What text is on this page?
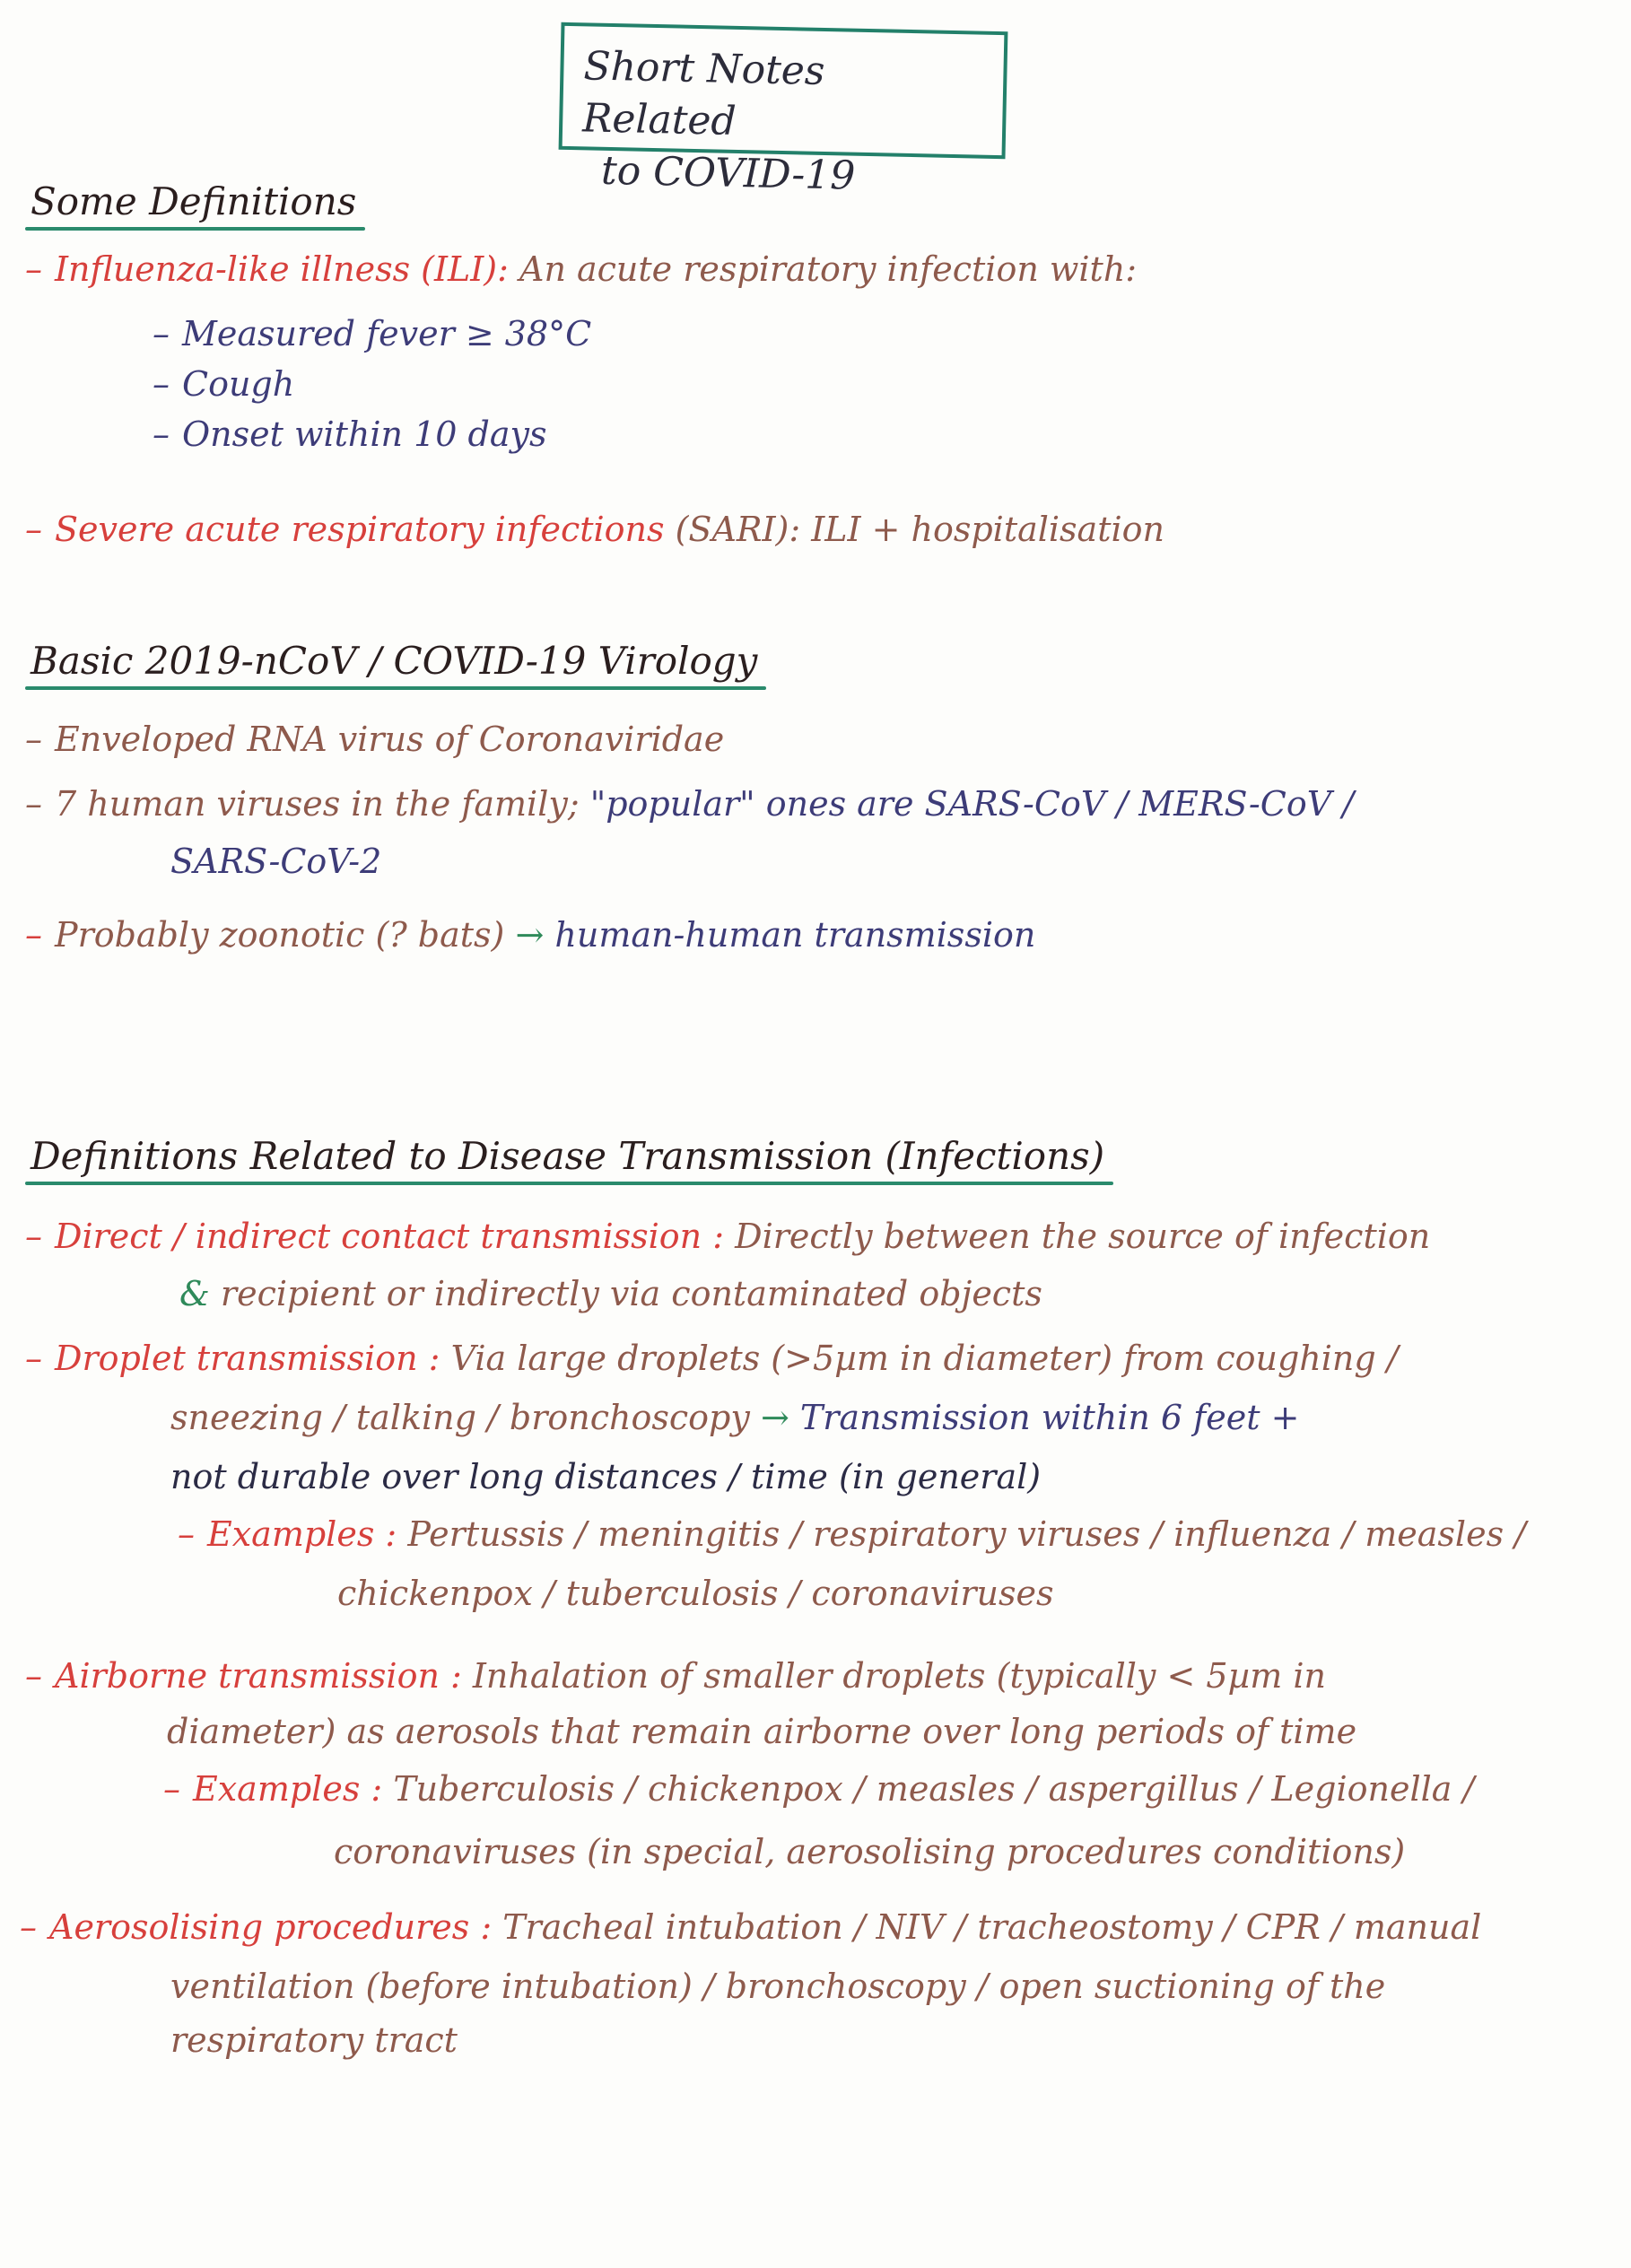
Short Notes Related
to COVID-19
Some Definitions
– Influenza-like illness (ILI): An acute respiratory infection with:
– Measured fever ≥ 38°C
– Cough
– Onset within 10 days
– Severe acute respiratory infections (SARI): ILI + hospitalisation
Basic 2019-nCoV / COVID-19 Virology
– Enveloped RNA virus of Coronaviridae
– 7 human viruses in the family; "popular" ones are SARS-CoV / MERS-CoV /
SARS-CoV-2
– Probably zoonotic (? bats) → human-human transmission
Definitions Related to Disease Transmission (Infections)
– Direct / indirect contact transmission : Directly between the source of infection
& recipient or indirectly via contaminated objects
– Droplet transmission : Via large droplets (>5µm in diameter) from coughing /
sneezing / talking / bronchoscopy → Transmission within 6 feet +
not durable over long distances / time (in general)
– Examples : Pertussis / meningitis / respiratory viruses / influenza / measles /
chickenpox / tuberculosis / coronaviruses
– Airborne transmission : Inhalation of smaller droplets (typically < 5µm in
diameter) as aerosols that remain airborne over long periods of time
– Examples : Tuberculosis / chickenpox / measles / aspergillus / Legionella /
coronaviruses (in special, aerosolising procedures conditions)
– Aerosolising procedures : Tracheal intubation / NIV / tracheostomy / CPR / manual
ventilation (before intubation) / bronchoscopy / open suctioning of the
respiratory tract
